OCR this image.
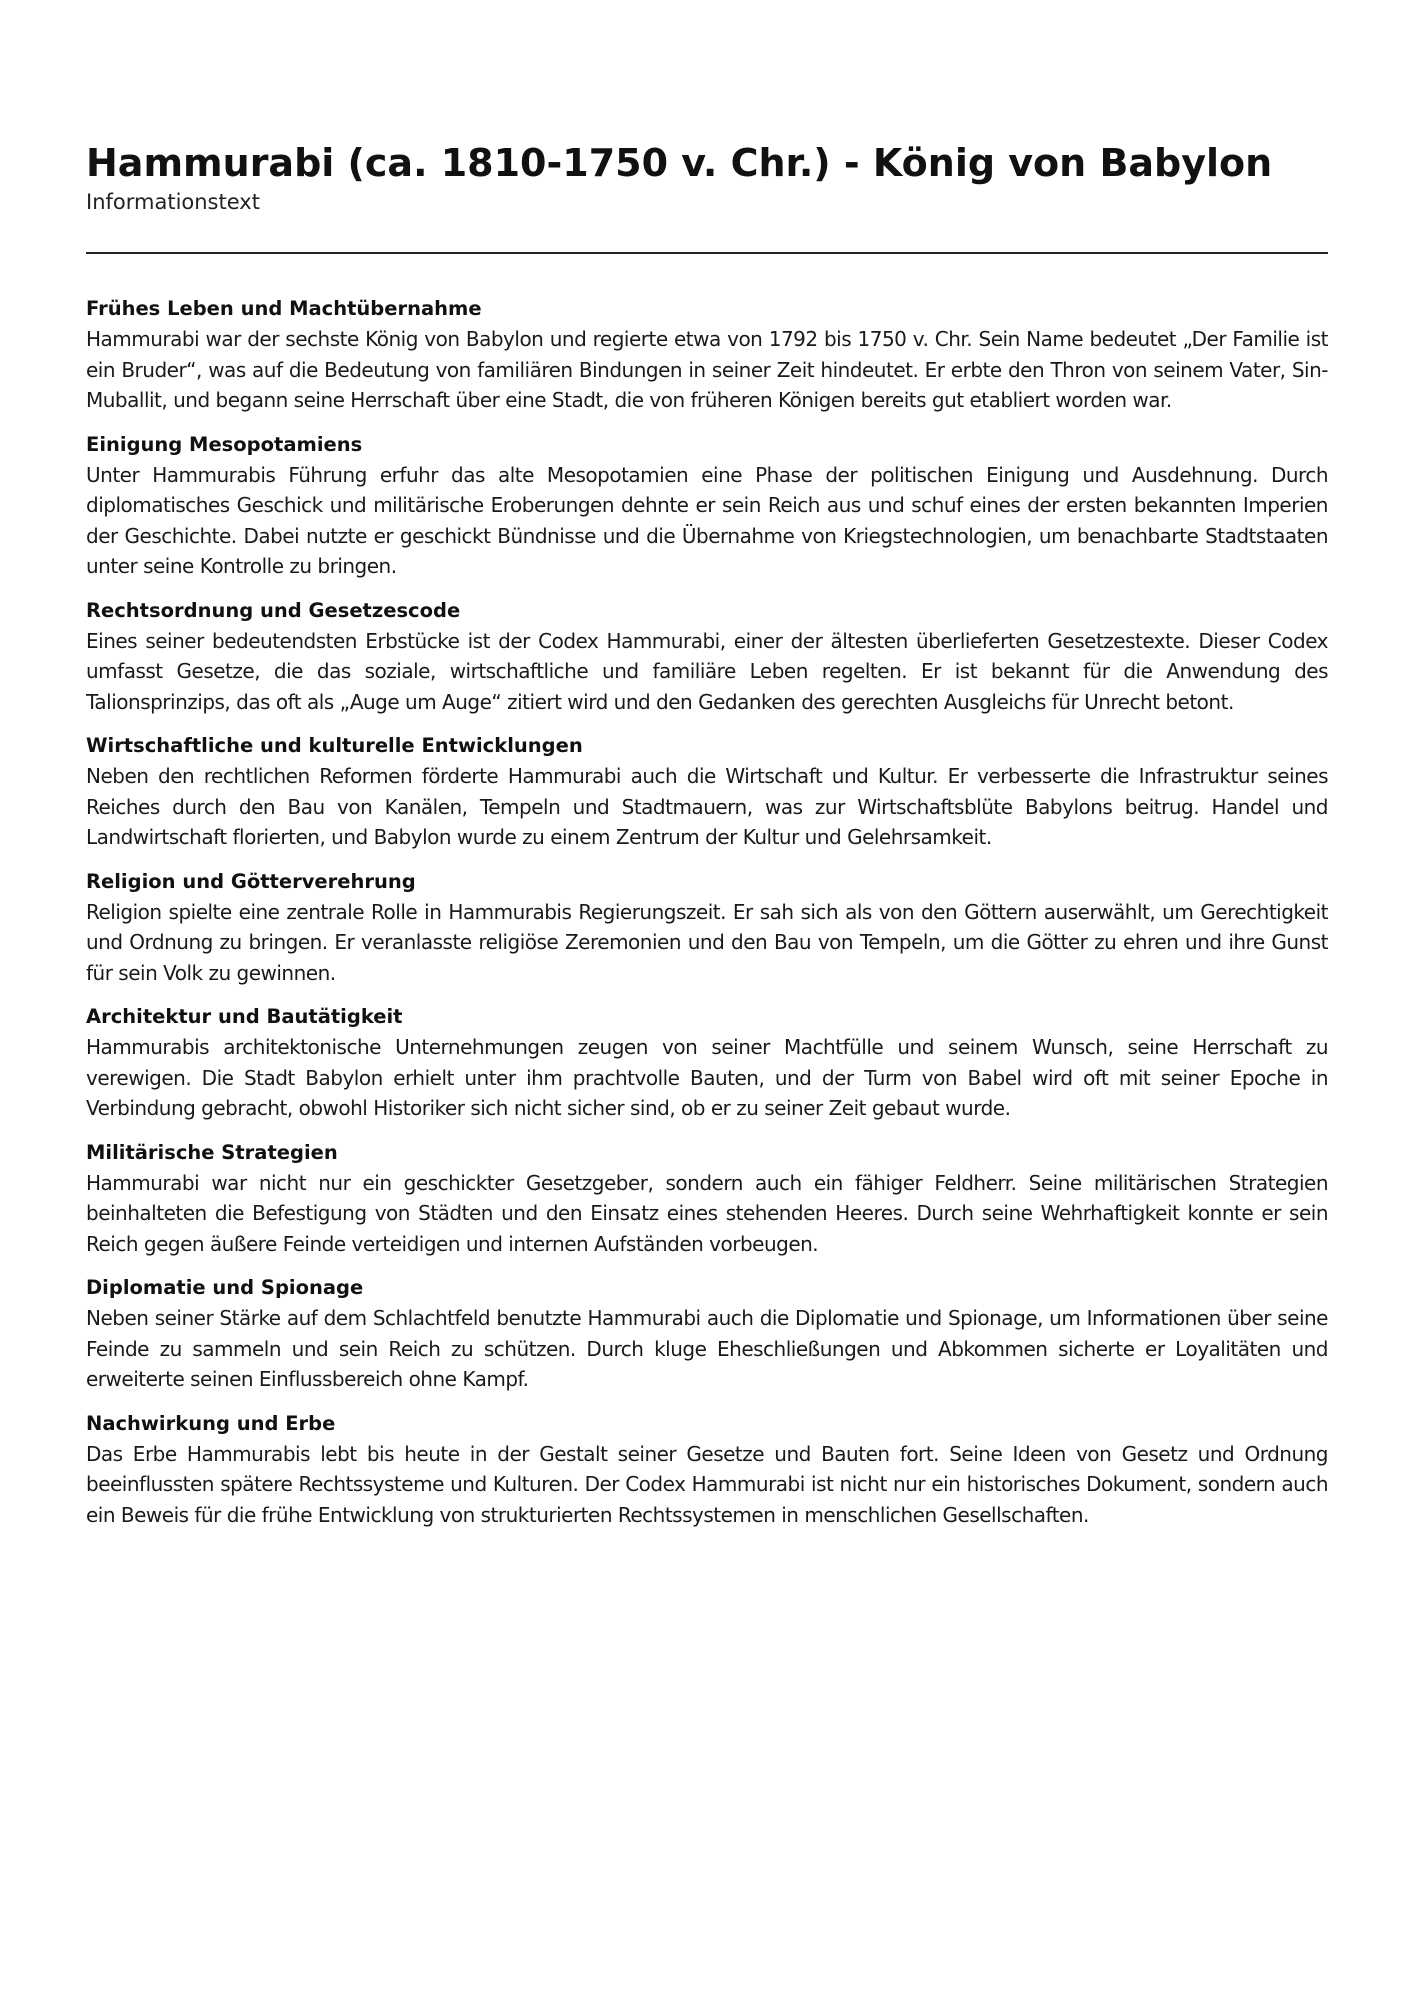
Hammurabi (ca. 1810-1750 v. Chr.) - König von Babylon

Informationstext

Frühes Leben und Machtübernahme

Hammurabi war der sechste König von Babylon und regierte etwa von 1792 bis 1750 v. Chr. Sein Name bedeutet „Der Familie ist ein Bruder“, was auf die Bedeutung von familiären Bindungen in seiner Zeit hindeutet. Er erbte den Thron von seinem Vater, Sin-Muballit, und begann seine Herrschaft über eine Stadt, die von früheren Königen bereits gut etabliert worden war.

Einigung Mesopotamiens

Unter Hammurabis Führung erfuhr das alte Mesopotamien eine Phase der politischen Einigung und Ausdehnung. Durch diplomatisches Geschick und militärische Eroberungen dehnte er sein Reich aus und schuf eines der ersten bekannten Imperien der Geschichte. Dabei nutzte er geschickt Bündnisse und die Übernahme von Kriegstechnologien, um benachbarte Stadtstaaten unter seine Kontrolle zu bringen.

Rechtsordnung und Gesetzescode

Eines seiner bedeutendsten Erbstücke ist der Codex Hammurabi, einer der ältesten überlieferten Gesetzestexte. Dieser Codex umfasst Gesetze, die das soziale, wirtschaftliche und familiäre Leben regelten. Er ist bekannt für die Anwendung des Talionsprinzips, das oft als „Auge um Auge“ zitiert wird und den Gedanken des gerechten Ausgleichs für Unrecht betont.

Wirtschaftliche und kulturelle Entwicklungen

Neben den rechtlichen Reformen förderte Hammurabi auch die Wirtschaft und Kultur. Er verbesserte die Infrastruktur seines Reiches durch den Bau von Kanälen, Tempeln und Stadtmauern, was zur Wirtschaftsblüte Babylons beitrug. Handel und Landwirtschaft florierten, und Babylon wurde zu einem Zentrum der Kultur und Gelehrsamkeit.

Religion und Götterverehrung

Religion spielte eine zentrale Rolle in Hammurabis Regierungszeit. Er sah sich als von den Göttern auserwählt, um Gerechtigkeit und Ordnung zu bringen. Er veranlasste religiöse Zeremonien und den Bau von Tempeln, um die Götter zu ehren und ihre Gunst für sein Volk zu gewinnen.

Architektur und Bautätigkeit

Hammurabis architektonische Unternehmungen zeugen von seiner Machtfülle und seinem Wunsch, seine Herrschaft zu verewigen. Die Stadt Babylon erhielt unter ihm prachtvolle Bauten, und der Turm von Babel wird oft mit seiner Epoche in Verbindung gebracht, obwohl Historiker sich nicht sicher sind, ob er zu seiner Zeit gebaut wurde.

Militärische Strategien

Hammurabi war nicht nur ein geschickter Gesetzgeber, sondern auch ein fähiger Feldherr. Seine militärischen Strategien beinhalteten die Befestigung von Städten und den Einsatz eines stehenden Heeres. Durch seine Wehrhaftigkeit konnte er sein Reich gegen äußere Feinde verteidigen und internen Aufständen vorbeugen.

Diplomatie und Spionage

Neben seiner Stärke auf dem Schlachtfeld benutzte Hammurabi auch die Diplomatie und Spionage, um Informationen über seine Feinde zu sammeln und sein Reich zu schützen. Durch kluge Eheschließungen und Abkommen sicherte er Loyalitäten und erweiterte seinen Einflussbereich ohne Kampf.

Nachwirkung und Erbe

Das Erbe Hammurabis lebt bis heute in der Gestalt seiner Gesetze und Bauten fort. Seine Ideen von Gesetz und Ordnung beeinflussten spätere Rechtssysteme und Kulturen. Der Codex Hammurabi ist nicht nur ein historisches Dokument, sondern auch ein Beweis für die frühe Entwicklung von strukturierten Rechtssystemen in menschlichen Gesellschaften.
